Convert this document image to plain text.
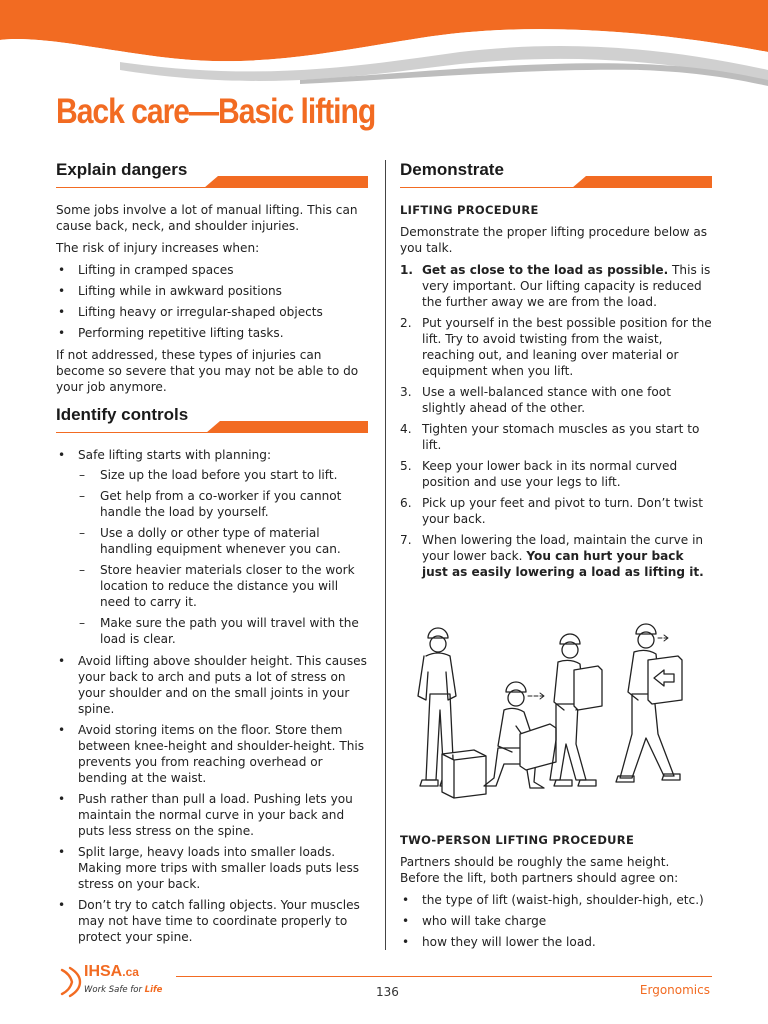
Back care—Basic lifting
Explain dangers

Some jobs involve a lot of manual lifting. This can cause back, neck, and shoulder injuries.

The risk of injury increases when:

• Lifting in cramped spaces
• Lifting while in awkward positions
• Lifting heavy or irregular-shaped objects
• Performing repetitive lifting tasks.

If not addressed, these types of injuries can become so severe that you may not be able to do your job anymore.

Identify controls
• Safe lifting starts with planning:
– Size up the load before you start to lift.
– Get help from a co-worker if you cannot handle the load by yourself.
– Use a dolly or other type of material handling equipment whenever you can.
– Store heavier materials closer to the work location to reduce the distance you will need to carry it.
– Make sure the path you will travel with the load is clear.
• Avoid lifting above shoulder height. This causes your back to arch and puts a lot of stress on your shoulder and on the small joints in your spine.
• Avoid storing items on the floor. Store them between knee-height and shoulder-height. This prevents you from reaching overhead or bending at the waist.
• Push rather than pull a load. Pushing lets you maintain the normal curve in your back and puts less stress on the spine.
• Split large, heavy loads into smaller loads. Making more trips with smaller loads puts less stress on your back.
• Don’t try to catch falling objects. Your muscles may not have time to coordinate properly to protect your spine.
Demonstrate
LIFTING PROCEDURE

Demonstrate the proper lifting procedure below as you talk.

1. Get as close to the load as possible. This is very important. Our lifting capacity is reduced the further away we are from the load.
2. Put yourself in the best possible position for the lift. Try to avoid twisting from the waist, reaching out, and leaning over material or equipment when you lift.
3. Use a well-balanced stance with one foot slightly ahead of the other.
4. Tighten your stomach muscles as you start to lift.
5. Keep your lower back in its normal curved position and use your legs to lift.
6. Pick up your feet and pivot to turn. Don’t twist your back.
7. When lowering the load, maintain the curve in your lower back. You can hurt your back just as easily lowering a load as lifting it.
TWO-PERSON LIFTING PROCEDURE

Partners should be roughly the same height. Before the lift, both partners should agree on:

• the type of lift (waist-high, shoulder-high, etc.)
• who will take charge
• how they will lower the load.
IHSA.ca
Work Safe for Life	136	Ergonomics
